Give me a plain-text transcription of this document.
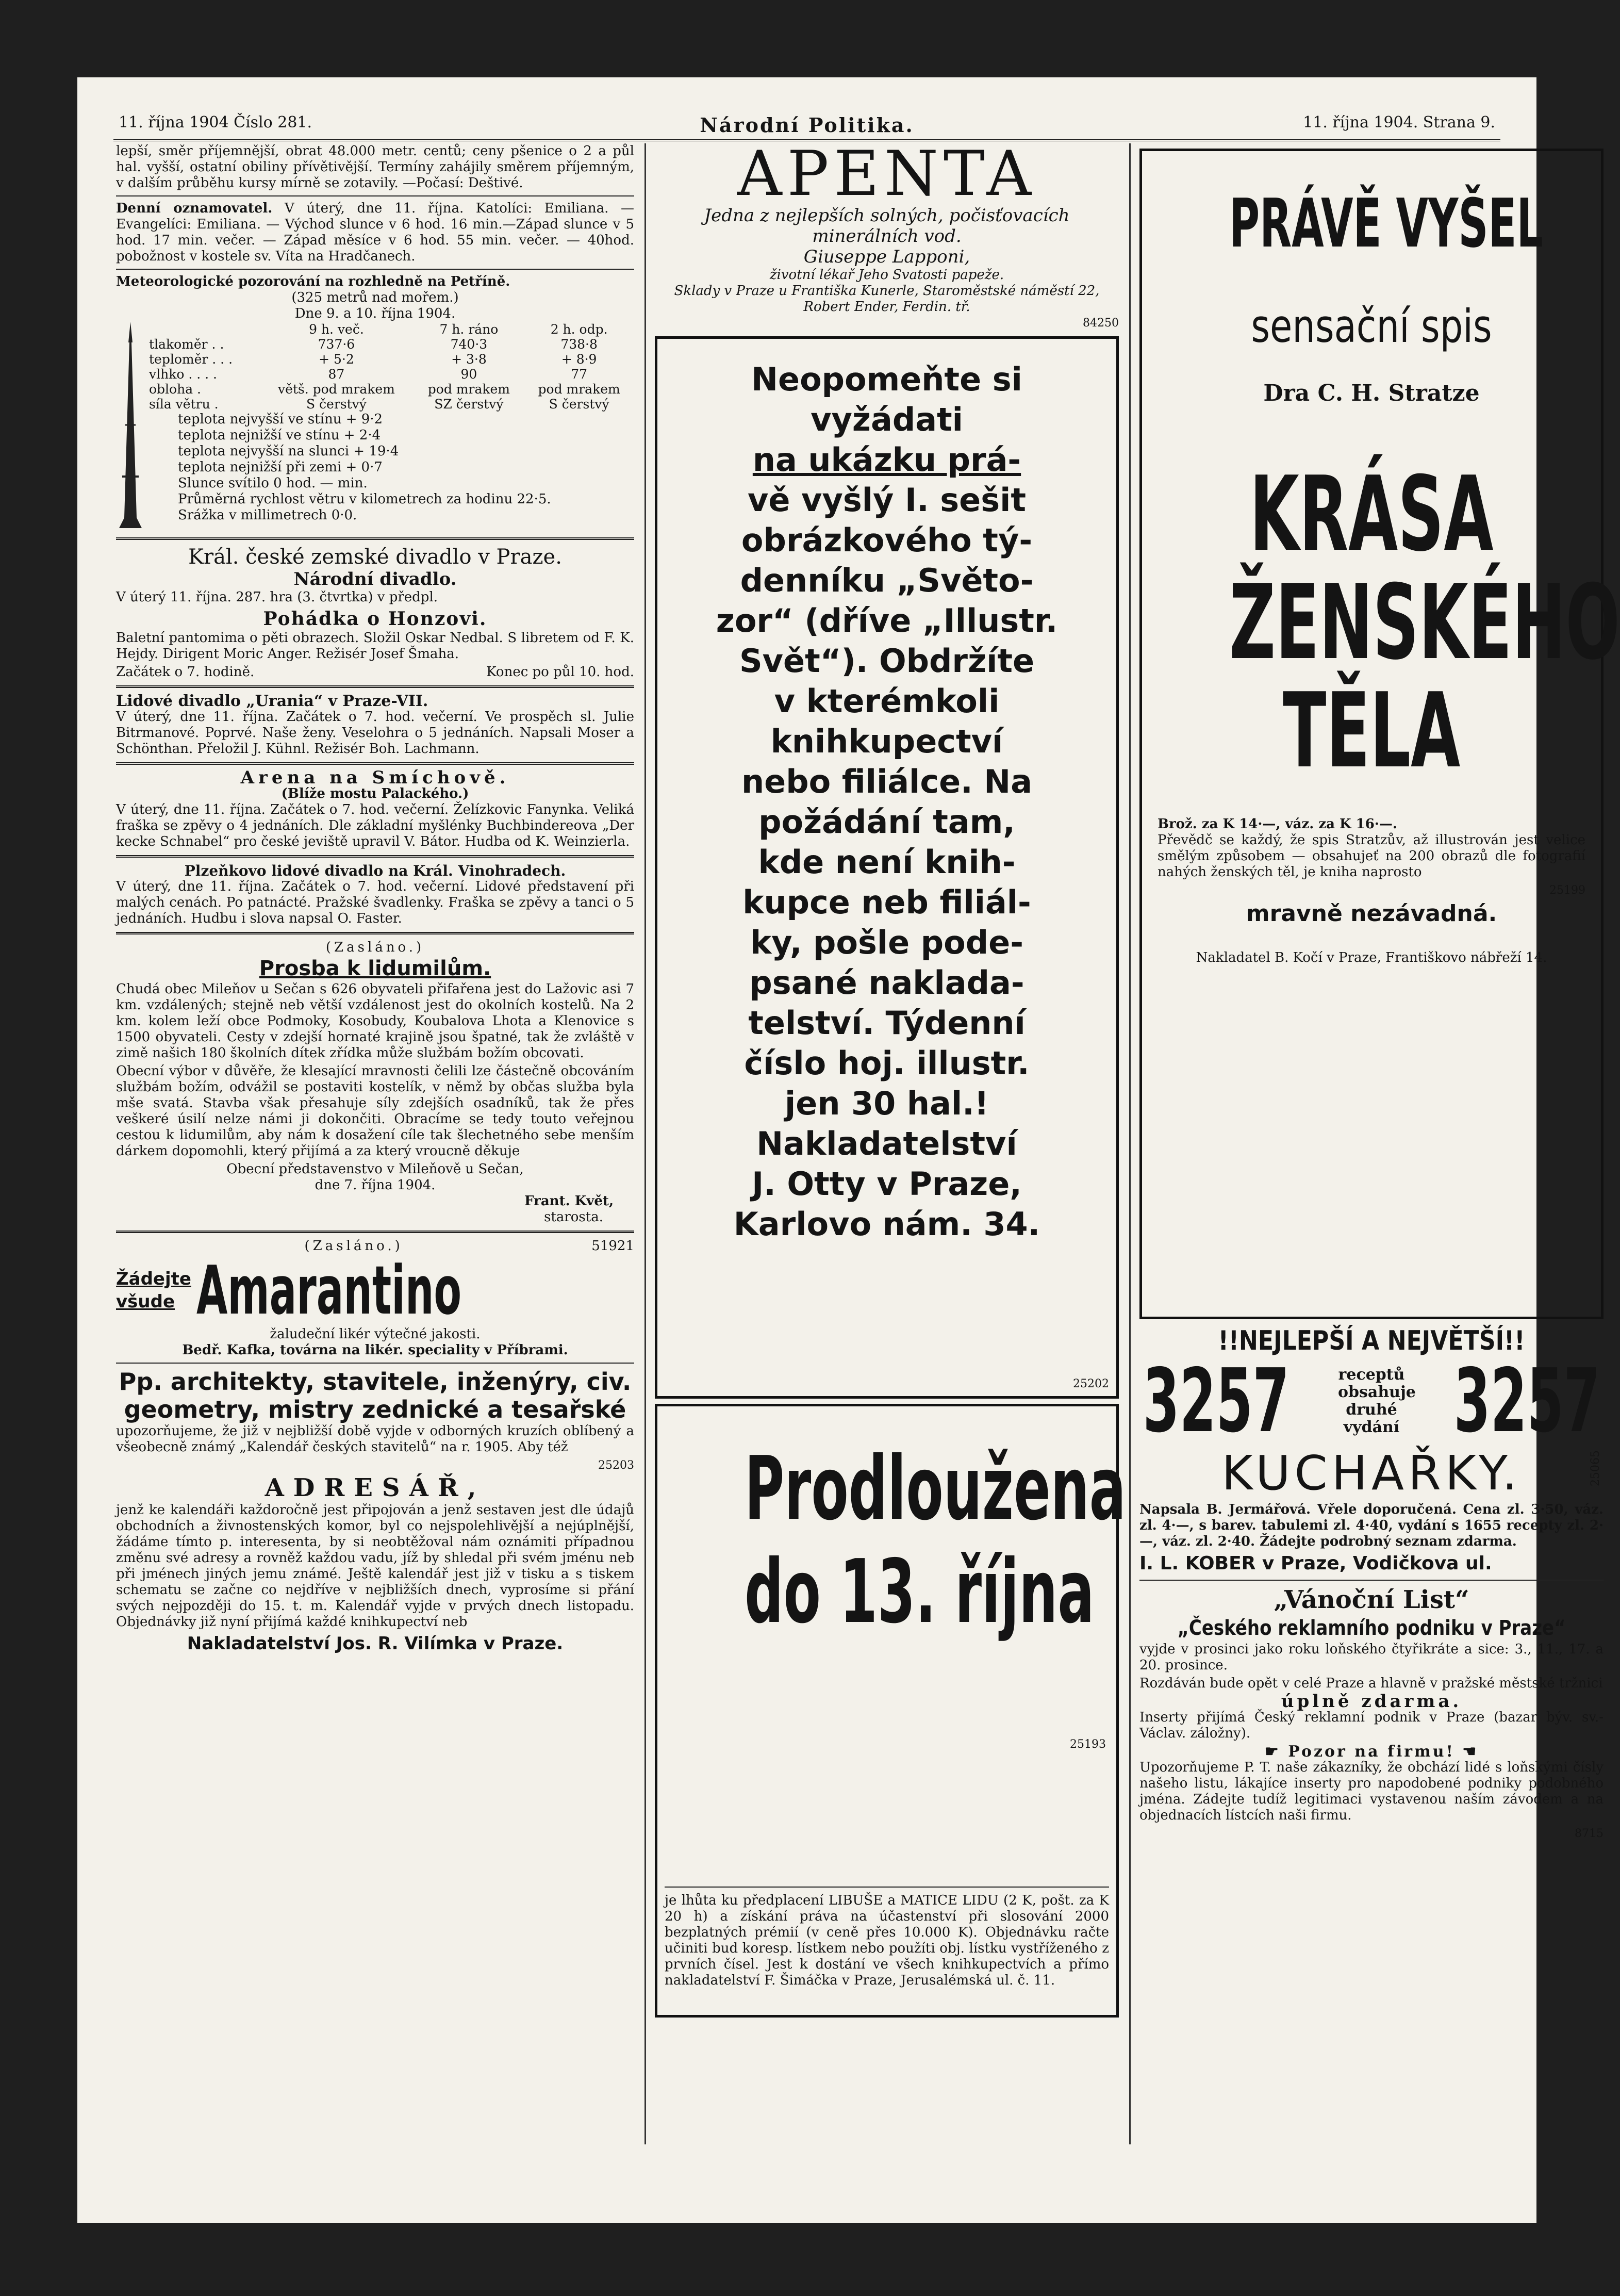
11. října 1904 Číslo 281.	Národní Politika.	11. října 1904. Strana 9.

lepší, směr příjemnější, obrat 48.000 metr. centů; ceny pšenice o 2 a půl hal. vyšší, ostatní obiliny přívětivější. Termíny zahájily směrem příjemným, v dalším průběhu kursy mírně se zotavily. —Počasí: Deštivé.

Denní oznamovatel. V úterý, dne 11. října. Katolíci: Emiliana. — Evangelíci: Emiliana. — Východ slunce v 6 hod. 16 min.—Západ slunce v 5 hod. 17 min. večer. — Západ měsíce v 6 hod. 55 min. večer. — 40hod. pobožnost v kostele sv. Víta na Hradčanech.

Meteorologické pozorování na rozhledně na Petříně.
(325 metrů nad mořem.)
Dne 9. a 10. října 1904.
	9 h. več.	7 h. ráno	2 h. odp.
tlakoměr . .	737·6	740·3	738·8
teploměr . . .	+ 5·2	+ 3·8	+ 8·9
vlhko . . . .	87	90	77
obloha .	větš. pod mrakem	pod mrakem	pod mrakem
síla větru .	S čerstvý	SZ čerstvý	S čerstvý
teplota nejvyšší ve stínu + 9·2
teplota nejnižší ve stínu + 2·4
teplota nejvyšší na slunci + 19·4
teplota nejnižší při zemi + 0·7
Slunce svítilo 0 hod. — min.
Průměrná rychlost větru v kilometrech za hodinu 22·5.
Srážka v millimetrech 0·0.
Král. české zemské divadlo v Praze.
Národní divadlo.

V úterý 11. října. 287. hra (3. čtvrtka) v předpl.

Pohádka o Honzovi.

Baletní pantomima o pěti obrazech. Složil Oskar Nedbal. S libretem od F. K. Hejdy. Dirigent Moric Anger. Režisér Josef Šmaha.

Začátek o 7. hodině.	Konec po půl 10. hod.
Lidové divadlo „Urania“ v Praze-VII.

V úterý, dne 11. října. Začátek o 7. hod. večerní. Ve prospěch sl. Julie Bitrmanové. Poprvé. Naše ženy. Veselohra o 5 jednáních. Napsali Moser a Schönthan. Přeložil J. Kühnl. Režisér Boh. Lachmann.

Arena na Smíchově.
(Blíže mostu Palackého.)

V úterý, dne 11. října. Začátek o 7. hod. večerní. Želízkovic Fanynka. Veliká fraška se zpěvy o 4 jednáních. Dle základní myšlénky Buchbindereova „Der kecke Schnabel“ pro české jeviště upravil V. Bátor. Hudba od K. Weinzierla.

Plzeňkovo lidové divadlo na Král. Vinohradech.

V úterý, dne 11. října. Začátek o 7. hod. večerní. Lidové představení při malých cenách. Po patnácté. Pražské švadlenky. Fraška se zpěvy a tanci o 5 jednáních. Hudbu i slova napsal O. Faster.

(Zasláno.)
Prosba k lidumilům.

Chudá obec Mileňov u Sečan s 626 obyvateli přifařena jest do Lažovic asi 7 km. vzdálených; stejně neb větší vzdálenost jest do okolních kostelů. Na 2 km. kolem leží obce Podmoky, Kosobudy, Koubalova Lhota a Klenovice s 1500 obyvateli. Cesty v zdejší hornaté krajině jsou špatné, tak že zvláště v zimě našich 180 školních dítek zřídka může službám božím obcovati.

Obecní výbor v důvěře, že klesající mravnosti čelili lze částečně obcováním službám božím, odvážil se postaviti kostelík, v němž by občas služba byla mše svatá. Stavba však přesahuje síly zdejších osadníků, tak že přes veškeré úsilí nelze námi ji dokončiti. Obracíme se tedy touto veřejnou cestou k lidumilům, aby nám k dosažení cíle tak šlechetného sebe menším dárkem dopomohli, který přijímá a za který vroucně děkuje

Obecní představenstvo v Mileňově u Sečan,
dne 7. října 1904.
Frant. Květ,
starosta.
(Zasláno.)	51921
Žádejte
všude Amarantino
žaludeční likér výtečné jakosti.
Bedř. Kafka, továrna na likér. speciality v Příbrami.
Pp. architekty, stavitele, inženýry, civ. geometry, mistry zednické a tesařské

upozorňujeme, že již v nejbližší době vyjde v odborných kruzích oblíbený a všeobecně známý „Kalendář českých stavitelů“ na r. 1905. Aby též

25203
ADRESÁŘ,

jenž ke kalendáři každoročně jest připojován a jenž sestaven jest dle údajů obchodních a živnostenských komor, byl co nejspolehlivější a nejúplnější, žádáme tímto p. interesenta, by si neobtěžoval nám oznámiti případnou změnu své adresy a rovněž každou vadu, jíž by shledal při svém jménu neb při jménech jiných jemu známé. Ještě kalendář jest již v tisku a s tiskem schematu se začne co nejdříve v nejbližších dnech, vyprosíme si přání svých nejpozději do 15. t. m. Kalendář vyjde v prvých dnech listopadu. Objednávky již nyní přijímá každé knihkupectví neb

Nakladatelství Jos. R. Vilímka v Praze.
APENTA
Jedna z nejlepších solných, počisťovacích minerálních vod.
Giuseppe Lapponi,
životní lékař Jeho Svatosti papeže.
Sklady v Praze u Františka Kunerle, Staroměstské náměstí 22, Robert Ender, Ferdin. tř.
84250
Neopomeňte si
vyžádati
na ukázku prá-
vě vyšlý I. sešit
obrázkového tý-
denníku „Světo-
zor“ (dříve „Illustr.
Svět“). Obdržíte
v kterémkoli
knihkupectví
nebo filiálce. Na
požádání tam,
kde není knih-
kupce neb filiál-
ky, pošle pode-
psané naklada-
telství. Týdenní
číslo hoj. illustr.
jen 30 hal.!
Nakladatelství
J. Otty v Praze,
Karlovo nám. 34.
25202
Prodloužena
do 13. října
25193

je lhůta ku předplacení LIBUŠE a MATICE LIDU (2 K, pošt. za K 20 h) a získání práva na účastenství při slosování 2000 bezplatných prémií (v ceně přes 10.000 K). Objednávku račte učiniti bud koresp. lístkem nebo použíti obj. lístku vystříženého z prvních čísel. Jest k dostání ve všech knihkupectvích a přímo nakladatelství F. Šimáčka v Praze, Jerusalémská ul. č. 11.

PRÁVĚ VYŠEL
sensační spis
Dra C. H. Stratze
KRÁSA
ŽENSKÉHO
TĚLA
Brož. za K 14·—, váz. za K 16·—.

Převědč se každý, že spis Stratzův, až illustrován jest velice smělým způsobem — obsahujeť na 200 obrazů dle fotografií nahých ženských těl, je kniha naprosto

25199
mravně nezávadná.
Nakladatel B. Kočí v Praze, Františkovo nábřeží 14.
!!NEJLEPŠÍ A NEJVĚTŠÍ!!
3257	receptů obsahuje druhé vydání 3257
KUCHAŘKY.	25065

Napsala B. Jermářová. Vřele doporučená. Cena zl. 3·50, váz. zl. 4·—, s barev. tabulemi zl. 4·40, vydání s 1655 recepty zl. 2·—, váz. zl. 2·40. Žádejte podrobný seznam zdarma.

I. L. KOBER v Praze, Vodičkova ul.
„Vánoční List“
„Českého reklamního podniku v Praze“

vyjde v prosinci jako roku loňského čtyřikráte a sice: 3., 11., 17. a 20. prosince.

Rozdáván bude opět v celé Praze a hlavně v pražské městské tržnici

úplně zdarma.

Inserty přijímá Český reklamní podnik v Praze (bazar býv. sv.-Václav. záložny).

☛ Pozor na firmu! ☚

Upozorňujeme P. T. naše zákazníky, že obchází lidé s loňskými čísly našeho listu, lákajíce inserty pro napodobené podniky podobného jména. Zádejte tudíž legitimaci vystavenou naším závodem a na objednacích lístcích naši firmu.

8715
